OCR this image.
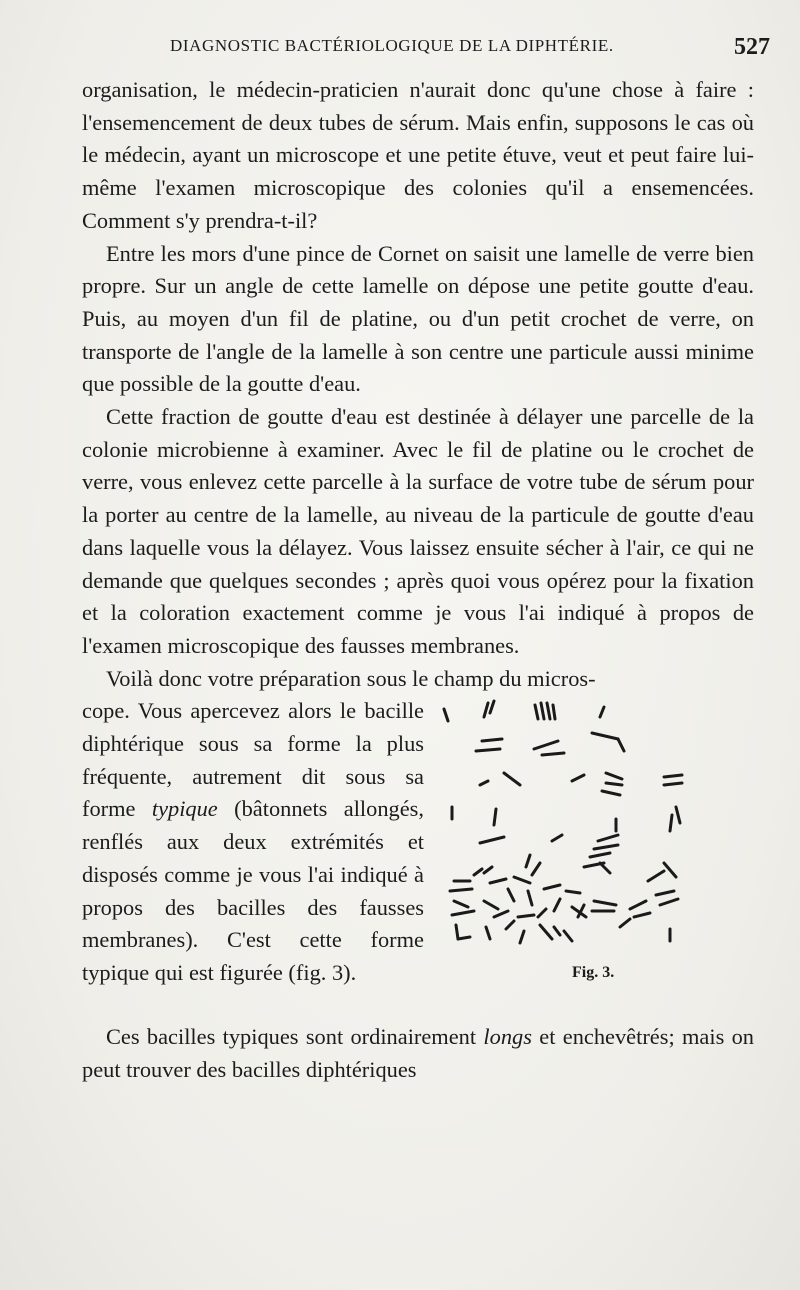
DIAGNOSTIC BACTÉRIOLOGIQUE DE LA DIPHTÉRIE.	527

organisation, le médecin-praticien n'aurait donc qu'une chose à faire : l'ensemencement de deux tubes de sérum. Mais enfin, supposons le cas où le médecin, ayant un microscope et une petite étuve, veut et peut faire lui-même l'examen microscopique des colonies qu'il a ensemencées. Comment s'y prendra-t-il?

Entre les mors d'une pince de Cornet on saisit une lamelle de verre bien propre. Sur un angle de cette lamelle on dépose une petite goutte d'eau. Puis, au moyen d'un fil de platine, ou d'un petit crochet de verre, on transporte de l'angle de la lamelle à son centre une particule aussi minime que possible de la goutte d'eau.

Cette fraction de goutte d'eau est destinée à délayer une parcelle de la colonie microbienne à examiner. Avec le fil de platine ou le crochet de verre, vous enlevez cette parcelle à la surface de votre tube de sérum pour la porter au centre de la lamelle, au niveau de la particule de goutte d'eau dans laquelle vous la délayez. Vous laissez ensuite sécher à l'air, ce qui ne demande que quelques secondes ; après quoi vous opérez pour la fixation et la coloration exactement comme je vous l'ai indiqué à propos de l'examen microscopique des fausses membranes.

Voilà donc votre préparation sous le champ du micros-

cope. Vous apercevez alors le bacille diphtérique sous sa forme la plus fréquente, autrement dit sous sa forme typique (bâtonnets allongés, renflés aux deux extrémités et disposés comme je vous l'ai indiqué à propos des bacilles des fausses membranes). C'est cette forme typique qui est figurée (fig. 3).	Fig. 3.

Ces bacilles typiques sont ordinairement longs et enchevêtrés; mais on peut trouver des bacilles diphtériques
